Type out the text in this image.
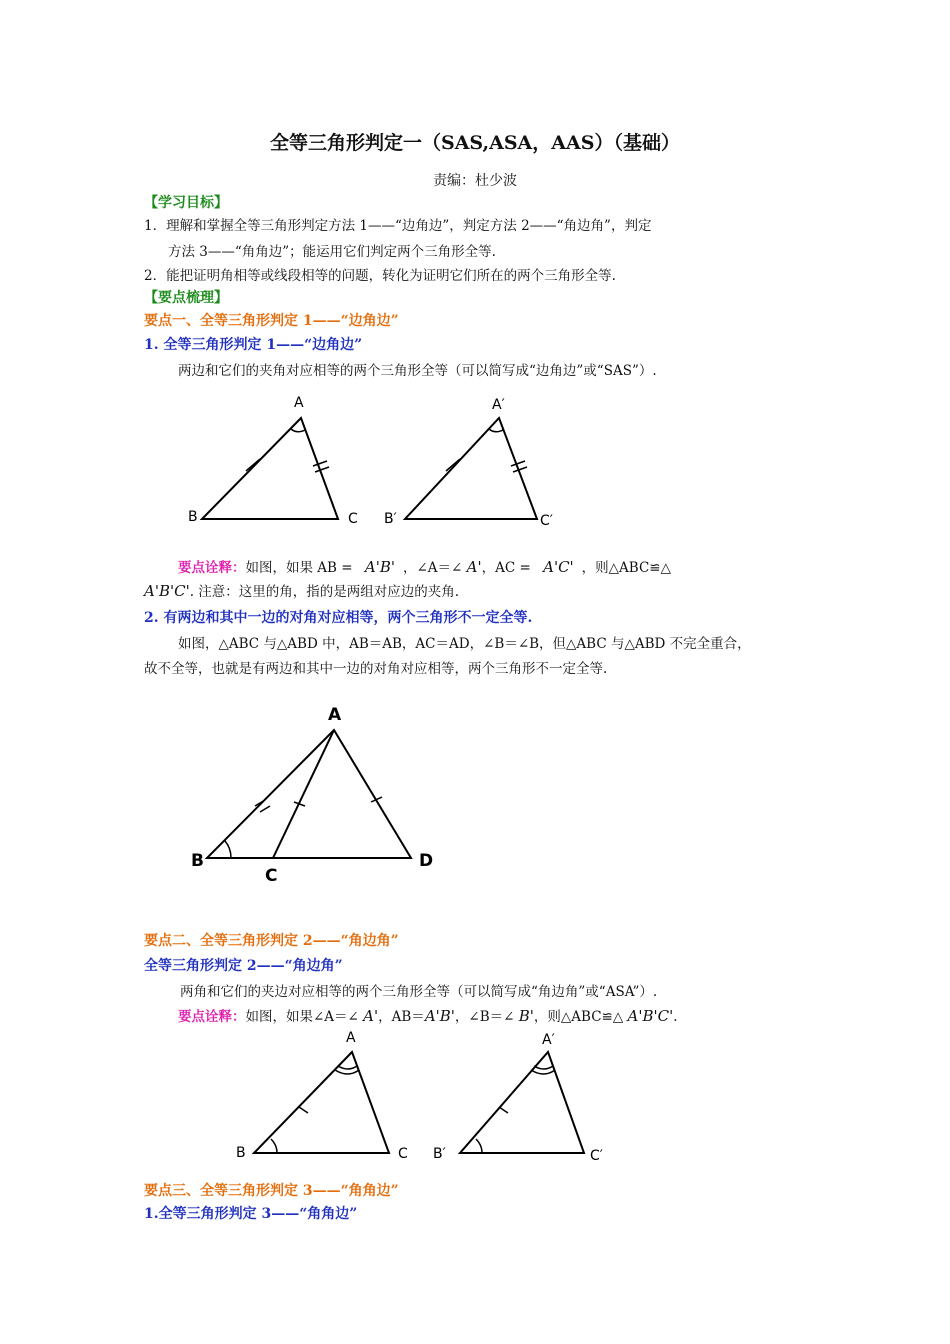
全等三角形判定一（SAS,ASA，AAS）（基础）
责编：杜少波
【学习目标】
1．理解和掌握全等三角形判定方法 1——“边角边”，判定方法 2——“角边角”，判定
方法 3——“角角边”；能运用它们判定两个三角形全等.
2．能把证明角相等或线段相等的问题，转化为证明它们所在的两个三角形全等.
【要点梳理】
要点一、全等三角形判定 1——“边角边”
1. 全等三角形判定 1——“边角边”
两边和它们的夹角对应相等的两个三角形全等（可以简写成“边角边”或“SAS”）.
A
B	C
A′
B′	C′
要点诠释：如图，如果 AB = A'B' ，∠A＝∠ A'，AC = A'C' ，则△ABC≌△
A'B'C'. 注意：这里的角，指的是两组对应边的夹角.
2. 有两边和其中一边的对角对应相等，两个三角形不一定全等.
如图，△ABC 与△ABD 中，AB＝AB，AC＝AD，∠B＝∠B，但△ABC 与△ABD 不完全重合，
故不全等，也就是有两边和其中一边的对角对应相等，两个三角形不一定全等.
A
B
C
D
要点二、全等三角形判定 2——“角边角”
全等三角形判定 2——“角边角”
两角和它们的夹边对应相等的两个三角形全等（可以简写成“角边角”或“ASA”）.
要点诠释：如图，如果∠A＝∠ A'，AB＝A'B'，∠B＝∠ B'，则△ABC≌△ A'B'C'.
A
B	C
A′
B′	C′
要点三、全等三角形判定 3——“角角边”
1.全等三角形判定 3——“角角边”
